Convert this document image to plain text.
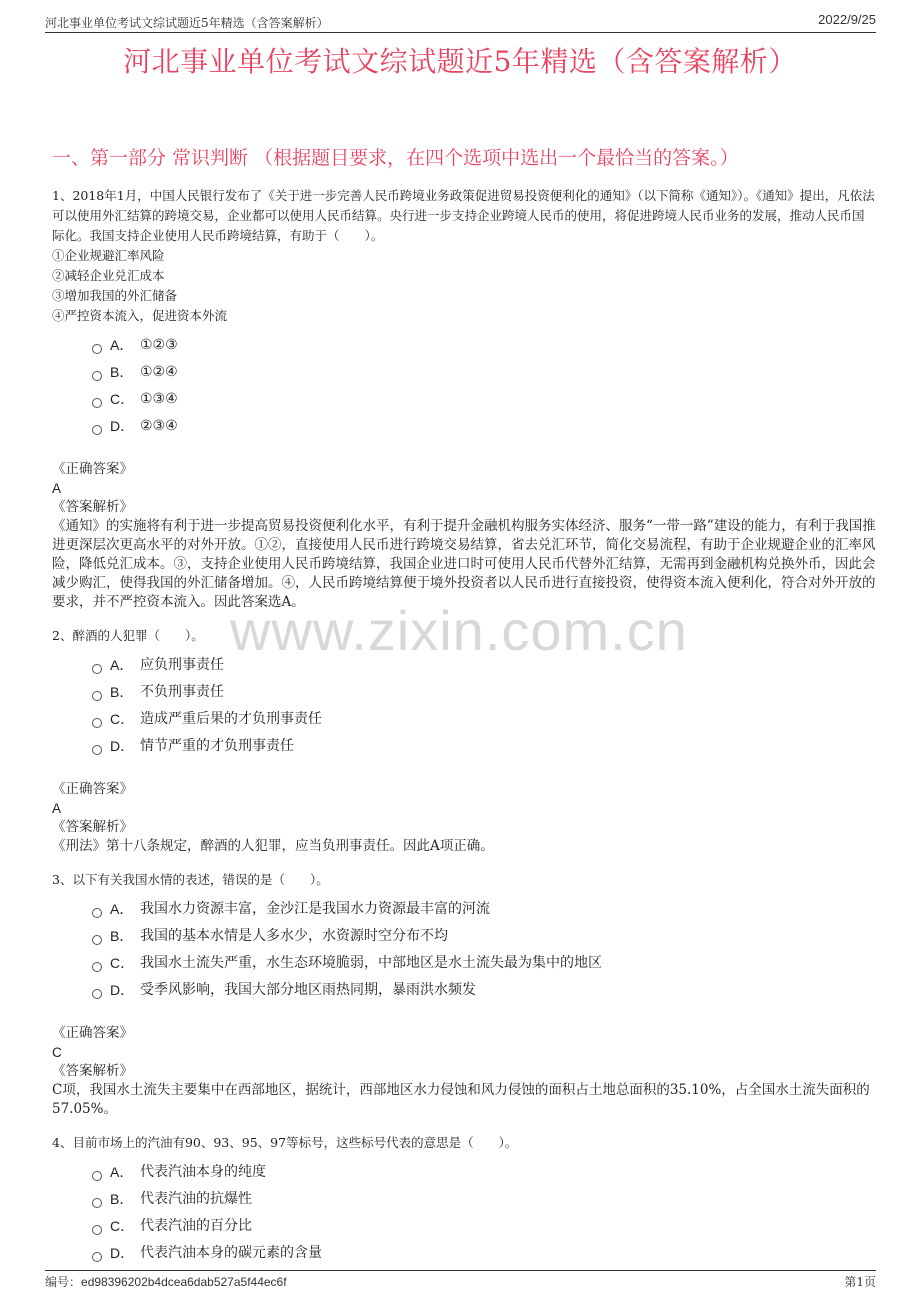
河北事业单位考试文综试题近5年精选（含答案解析）	2022/9/25
河北事业单位考试文综试题近5年精选（含答案解析）
一、第一部分 常识判断 （根据题目要求，在四个选项中选出一个最恰当的答案。）
www.zixin.com.cn

1、2018年1月，中国人民银行发布了《关于进一步完善人民币跨境业务政策促进贸易投资便利化的通知》（以下简称《通知》）。《通知》提出，凡依法可以使用外汇结算的跨境交易，企业都可以使用人民币结算。央行进一步支持企业跨境人民币的使用，将促进跨境人民币业务的发展，推动人民币国际化。我国支持企业使用人民币跨境结算，有助于（　　）。

①企业规避汇率风险

②减轻企业兑汇成本

③增加我国的外汇储备

④严控资本流入，促进资本外流

A． ①②③
B． ①②④
C． ①③④
D． ②③④

《正确答案》

A

《答案解析》

《通知》的实施将有利于进一步提高贸易投资便利化水平，有利于提升金融机构服务实体经济、服务“一带一路”建设的能力，有利于我国推进更深层次更高水平的对外开放。①②，直接使用人民币进行跨境交易结算，省去兑汇环节，简化交易流程，有助于企业规避企业的汇率风险，降低兑汇成本。③，支持企业使用人民币跨境结算，我国企业进口时可使用人民币代替外汇结算，无需再到金融机构兑换外币，因此会减少购汇，使得我国的外汇储备增加。④，人民币跨境结算便于境外投资者以人民币进行直接投资，使得资本流入便利化，符合对外开放的要求，并不严控资本流入。因此答案选A。

2、醉酒的人犯罪（　　）。

A． 应负刑事责任
B． 不负刑事责任
C． 造成严重后果的才负刑事责任
D． 情节严重的才负刑事责任

《正确答案》

A

《答案解析》

《刑法》第十八条规定，醉酒的人犯罪，应当负刑事责任。因此A项正确。

3、以下有关我国水情的表述，错误的是（　　）。

A． 我国水力资源丰富，金沙江是我国水力资源最丰富的河流
B． 我国的基本水情是人多水少，水资源时空分布不均
C． 我国水土流失严重，水生态环境脆弱，中部地区是水土流失最为集中的地区
D． 受季风影响，我国大部分地区雨热同期，暴雨洪水频发

《正确答案》

C

《答案解析》

C项，我国水土流失主要集中在西部地区，据统计，西部地区水力侵蚀和风力侵蚀的面积占土地总面积的35.10%，占全国水土流失面积的57.05%。

4、目前市场上的汽油有90、93、95、97等标号，这些标号代表的意思是（　　）。

A． 代表汽油本身的纯度
B． 代表汽油的抗爆性
C． 代表汽油的百分比
D． 代表汽油本身的碳元素的含量
编号：ed98396202b4dcea6dab527a5f44ec6f	第1页
